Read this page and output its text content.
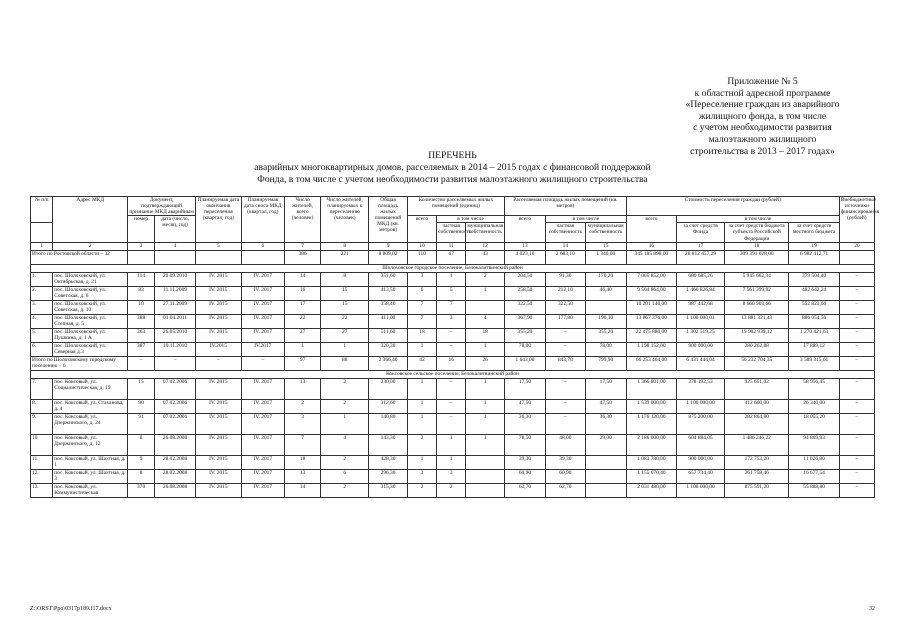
Приложение № 5
к областной адресной программе
«Переселение граждан из аварийного
жилищного фонда, в том числе
с учетом необходимости развития
малоэтажного жилищного
строительства в 2013 – 2017 годах»
ПЕРЕЧЕНЬ
аварийных многоквартирных домов, расселяемых в 2014 – 2015 годах с финансовой поддержкой
Фонда, в том числе с учетом необходимости развития малоэтажного жилищного строительства
№ п/п	Адрес МКД	Документ, подтверждающий признание МКД аварийным		Планируемая дата окончания переселения (квартал, год)	Планируемая дата сноса МКД (квартал, год)	Число жителей, всего (человек)	Число жителей, планируемых к переселению (человек)	Общая площадь жилых помещений МКД (кв. метров)	Количество расселяемых жилых помещений (единиц)			Расселяемая площадь жилых помещений (кв. метров)			Стоимость переселения граждан (рублей)				Внебюджетные источники финансирования (рублей)
		номер	дата (число, месяц, год)						всего	в том числе		всего	в том числе		всего	в том числе			
										частная собственность	муниципальная собственность		частная собственность	муниципальная собственность		за счет средств Фонда	за счет средств бюджета субъекта Российской Федерации	за счет средств местного бюджета	
1	2	3	4	5	6	7	8	9	10	11	12	13	14	15	16	17	18	19	20
Итого по Ростовской области – 32						386	221	8 809,02	110	67	43	4 023,10	2 683,10	1 340,00	345 185 898,00	28 812 457,29	309 391 028,00	6 982 412,71	
Шолоховское городское поселение, Белокалитвинский район																			
1.	пос. Шолоховский, ул. Октябрьская, д. 21	114	20.09.2010	IV. 2015	IV. 2017	14	8	351,60	3	1	2	204,50	91,30	170,20	7 005 852,00	680 685,26	5 945 662,34	379 504,40	–
2.	пос. Шолоховский, ул. Советская, д. 6	83	11.11.2009	IV. 2015	IV. 2017	16	15	413,50	6	5	1	258,50	212,10	46,40	9 504 864,00	1 460 826,84	7 561 399,92	482 642,24	–
3.	пос. Шолоховский, ул. Советская, д. 10	10	27.11.2009	IV. 2015	IV. 2017	17	15	358,40	7	7		322,50	322,50		10 201 140,00	987 442,68	8 660 903,66	552 823,66	–
4.	пос. Шолоховский, ул. Степная, д. 5	388	01.04.2011	IV. 2015	IV. 2017	22	22	411,00	7	3	4	367,90	177,80	190,10	13 867 376,00	1 100 000,01	13 881 321,43	886 054,56	–
5.	пос. Шолоховский, ул. Пушкина, д. 1 А	363	26.05.2010	IV. 2015	IV. 2017	27	27	511,60	18	–	18	355,20	–	355,20	22 475 880,00	1 302 519,25	19 902 939,12	1 270 421,63	–
6.	пос. Шолоховский, ул. Северная д.3	387	10.11.2010	IV.2015	IV.2017	1	1	320,30	1	–	1	78,00	–	78,00	1 198 152,00	900 000,00	280 262,88	17 889,12	–
Итого по Шолоховскому городскому поселению – 6		–	–	–	–	97	88	2 366,40	42	16	26	1 643,00	843,70	799,90	66 253 464,00	6 431 444,04	56 232 704,35	3 589 315,61	–
Коксовское сельское поселение, Белокалитвинский район																			
7.	пос. Коксовый, ул. Социалистическая, д. 19	15	07.02.2006	IV. 2015	IV. 2017	13	2	230,00	1	–	1	17,50	–	17,50	1 366 801,00	378 192,53	925 651,02	58 956,45	–
8.	пос. Коксовый, ул. Стаханова, д. 4	90	07.02.2006	IV. 2015	IV. 2017	2	2	312,60	1	–	1	47,50	–	47,50	1 539 000,00	1 100 000,00	412 660,00	26 340,00	–
9.	пос. Коксовый, ул. Дзержинского, д. 24	91	07.02.2006	IV. 2015	IV. 2017	3	1	140,80	1	–	1	36,30	–	36,30	1 176 120,00	875 200,00	282 864,80	18 055,20	–
10.	пос. Коксовый, ул. Дзержинского, д. 12	8	26.08.2008	IV. 2015	IV. 2017	7	4	143,30	2	1	1	78,50	48,00	29,00	2 186 000,00	604 884,05	1 486 246,22	94 869,93	–
11.	пос. Коксовый, ул. Шахтная, д. 1	9	28.02.2008	IV. 2015	IV. 2017	18	2	428,30	1	1		39,30	39,30		1 083 780,00	900 000,00	172 753,20	11 026,80	–
12.	пос. Коксовый, ул. Шахтная, д. 3	8	28.02.2008	IV. 2015	IV. 2017	13	6	296,30	3	3		60,90	60,90		1 155 670,40	657 734,40	261 758,46	16 677,54	–
13.	пос. Коксовый, ул. Коммунистическая	370	26.08.2008	IV. 2015	IV. 2017	14	2	315,30	2	2		62,70	62,70		2 031 480,00	1 100 000,00	875 591,20	55 888,80	–
Z:\ORST\Ppo\0317p189.f17.docx	32
